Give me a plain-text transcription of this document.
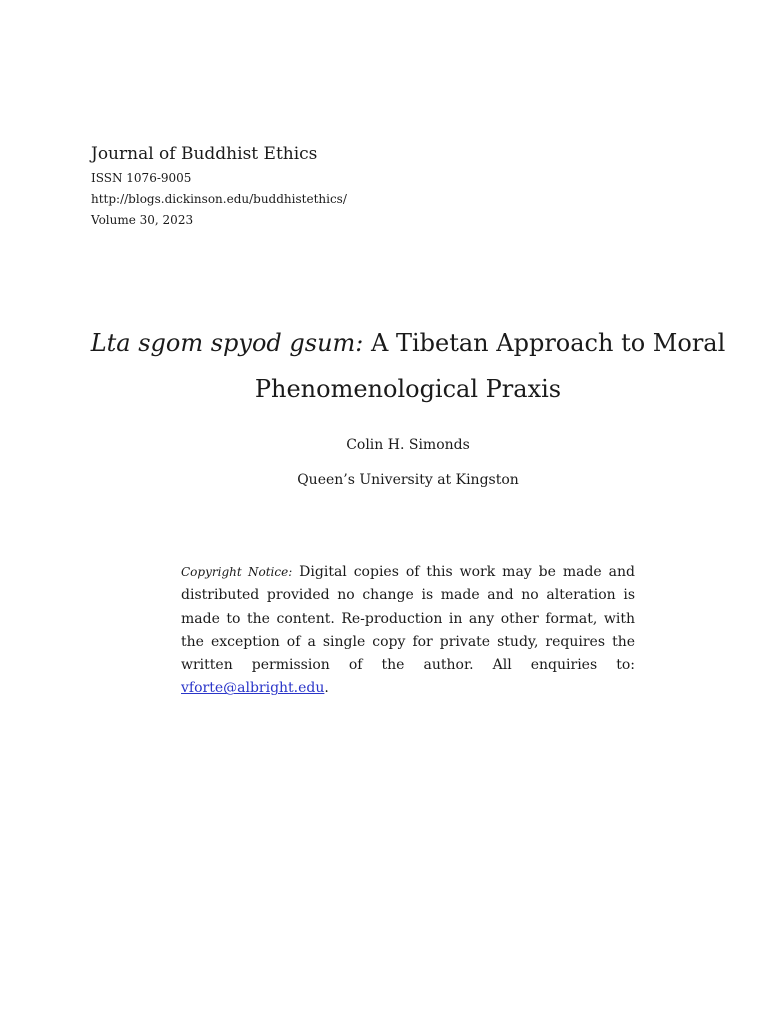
Journal of Buddhist Ethics

ISSN 1076-9005

http://blogs.dickinson.edu/buddhistethics/

Volume 30, 2023

Lta sgom spyod gsum: A Tibetan Approach to Moral
Phenomenological Praxis
Colin H. Simonds
Queen’s University at Kingston
Copyright Notice: Digital copies of this work may be made and distributed provided no change is made and no alteration is made to the content. Re-production in any other format, with the exception of a single copy for private study, requires the written permission of the author. All enquiries to: vforte@albright.edu.
